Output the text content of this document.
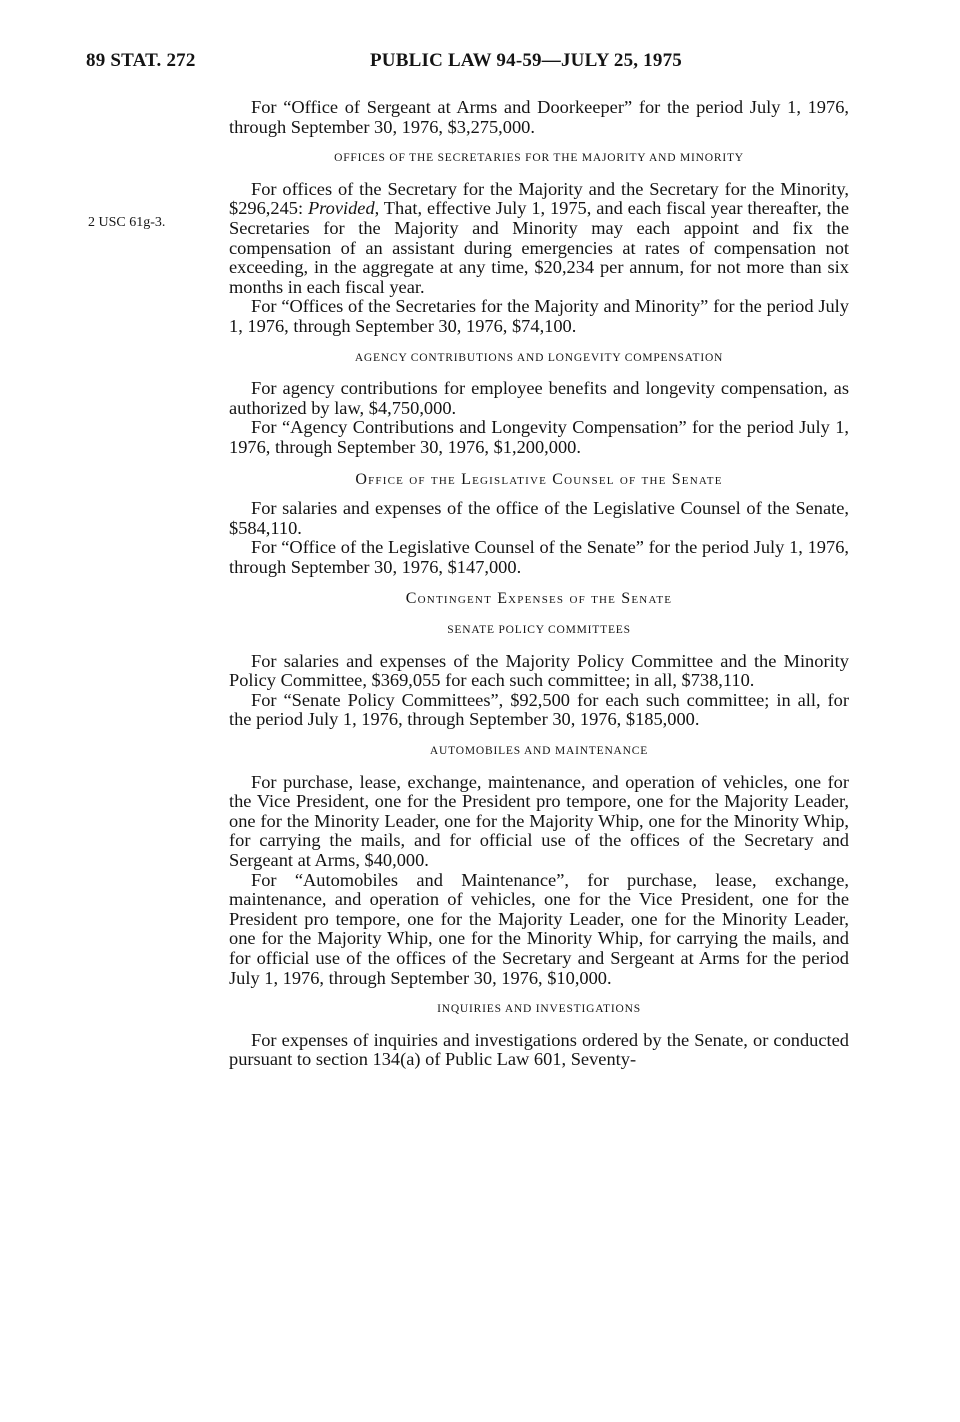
89 STAT. 272	PUBLIC LAW 94-59—JULY 25, 1975
2 USC 61g-3.

For “Office of Sergeant at Arms and Doorkeeper” for the period July 1, 1976, through September 30, 1976, $3,275,000.

OFFICES OF THE SECRETARIES FOR THE MAJORITY AND MINORITY

For offices of the Secretary for the Majority and the Secretary for the Minority, $296,245: Provided, That, effective July 1, 1975, and each fiscal year thereafter, the Secretaries for the Majority and Minority may each appoint and fix the compensation of an assistant during emergencies at rates of compensation not exceeding, in the aggregate at any time, $20,234 per annum, for not more than six months in each fiscal year.

For “Offices of the Secretaries for the Majority and Minority” for the period July 1, 1976, through September 30, 1976, $74,100.

AGENCY CONTRIBUTIONS AND LONGEVITY COMPENSATION

For agency contributions for employee benefits and longevity compensation, as authorized by law, $4,750,000.

For “Agency Contributions and Longevity Compensation” for the period July 1, 1976, through September 30, 1976, $1,200,000.

Office of the Legislative Counsel of the Senate

For salaries and expenses of the office of the Legislative Counsel of the Senate, $584,110.

For “Office of the Legislative Counsel of the Senate” for the period July 1, 1976, through September 30, 1976, $147,000.

Contingent Expenses of the Senate
SENATE POLICY COMMITTEES

For salaries and expenses of the Majority Policy Committee and the Minority Policy Committee, $369,055 for each such committee; in all, $738,110.

For “Senate Policy Committees”, $92,500 for each such committee; in all, for the period July 1, 1976, through September 30, 1976, $185,000.

AUTOMOBILES AND MAINTENANCE

For purchase, lease, exchange, maintenance, and operation of vehicles, one for the Vice President, one for the President pro tempore, one for the Majority Leader, one for the Minority Leader, one for the Majority Whip, one for the Minority Whip, for carrying the mails, and for official use of the offices of the Secretary and Sergeant at Arms, $40,000.

For “Automobiles and Maintenance”, for purchase, lease, exchange, maintenance, and operation of vehicles, one for the Vice President, one for the President pro tempore, one for the Majority Leader, one for the Minority Leader, one for the Majority Whip, one for the Minority Whip, for carrying the mails, and for official use of the offices of the Secretary and Sergeant at Arms for the period July 1, 1976, through September 30, 1976, $10,000.

INQUIRIES AND INVESTIGATIONS

For expenses of inquiries and investigations ordered by the Senate, or conducted pursuant to section 134(a) of Public Law 601, Seventy-
